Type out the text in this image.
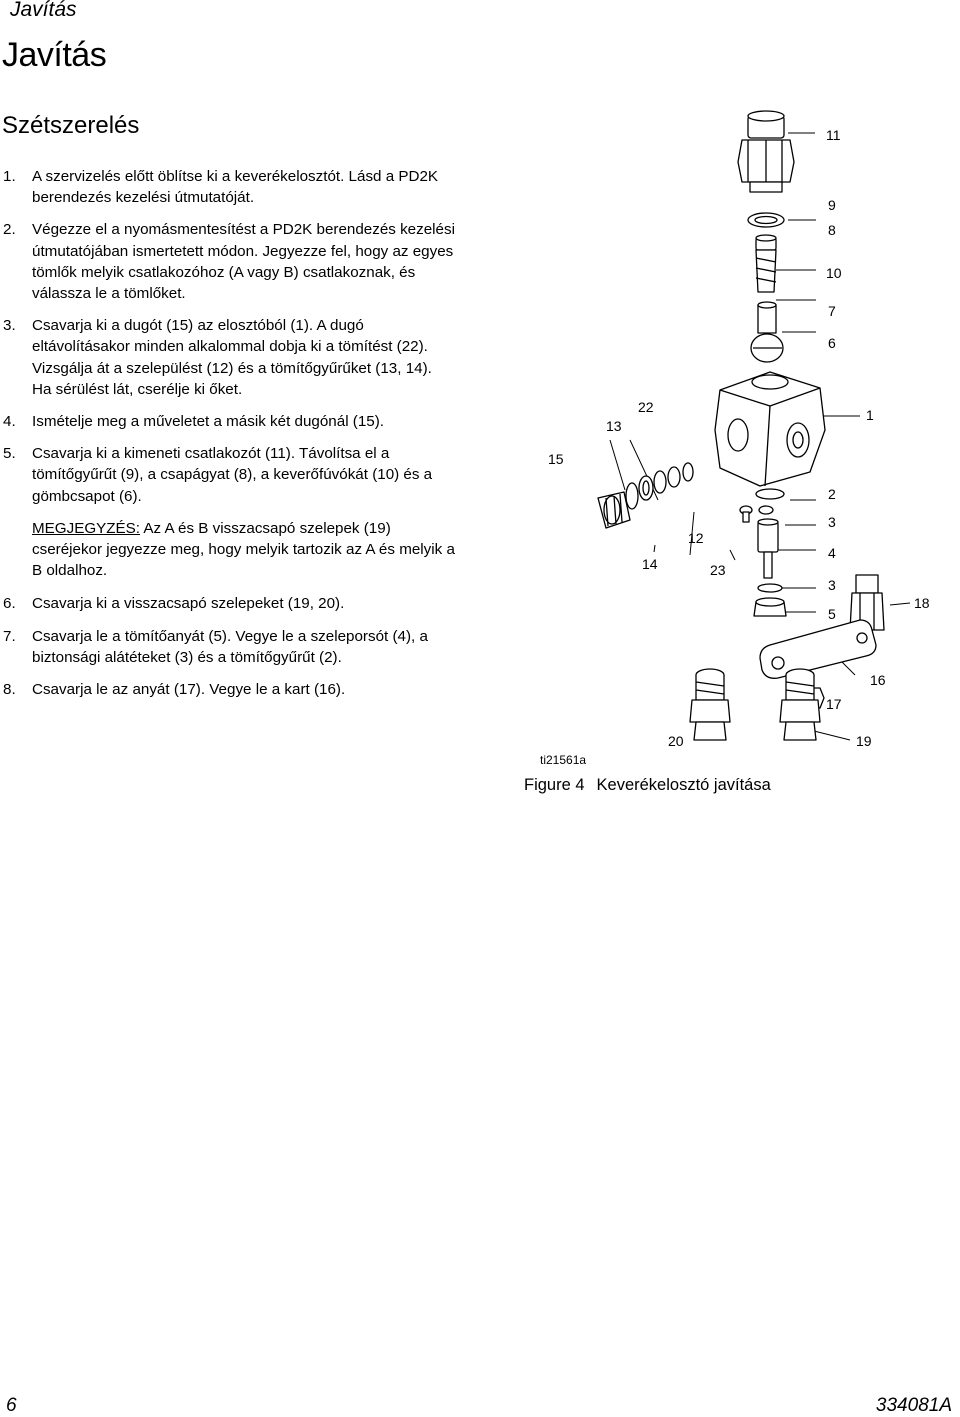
Javítás
Javítás
Szétszerelés
1.	A szervizelés előtt öblítse ki a keverékelosztót. Lásd a PD2K berendezés kezelési útmutatóját.
2.	Végezze el a nyomásmentesítést a PD2K berendezés kezelési útmutatójában ismertetett módon. Jegyezze fel, hogy az egyes tömlők melyik csatlakozóhoz (A vagy B) csatlakoznak, és válassza le a tömlőket.
3.	Csavarja ki a dugót (15) az elosztóból (1). A dugó eltávolításakor minden alkalommal dobja ki a tömítést (22). Vizsgálja át a szelepülést (12) és a tömítőgyűrűket (13, 14). Ha sérülést lát, cserélje ki őket.
4.	Ismételje meg a műveletet a másik két dugónál (15).
5.	Csavarja ki a kimeneti csatlakozót (11). Távolítsa el a tömítőgyűrűt (9), a csapágyat (8), a keverőfúvókát (10) és a gömbcsapot (6).
MEGJEGYZÉS: Az A és B visszacsapó szelepek (19) cseréjekor jegyezze meg, hogy melyik tartozik az A és melyik a B oldalhoz.
6.	Csavarja ki a visszacsapó szelepeket (19, 20).
7.	Csavarja le a tömítőanyát (5). Vegye le a szeleporsót (4), a biztonsági alátéteket (3) és a tömítőgyűrűt (2).
8.	Csavarja le az anyát (17). Vegye le a kart (16).
11
9
8
10
7
6
1
22
13
15
2
3
12
4
14	23
3
5
18
16
17
20	19
ti21561a
Figure 4 Keverékelosztó javítása
6	334081A
